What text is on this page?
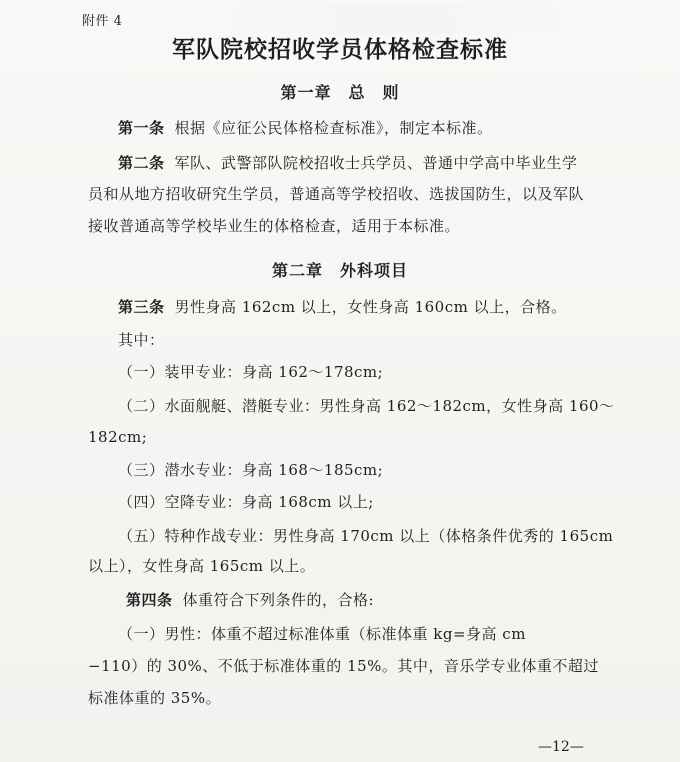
附件 4
军队院校招收学员体格检查标准
第一章　总　则
第一条 根据《应征公民体格检查标准》，制定本标准。
第二条 军队、武警部队院校招收士兵学员、普通中学高中毕业生学
员和从地方招收研究生学员，普通高等学校招收、选拔国防生，以及军队
接收普通高等学校毕业生的体格检查，适用于本标准。
第二章　外科项目
第三条 男性身高 162cm 以上，女性身高 160cm 以上，合格。
其中：
（一）装甲专业：身高 162～178cm;
（二）水面舰艇、潜艇专业：男性身高 162～182cm，女性身高 160～
182cm;
（三）潜水专业：身高 168～185cm;
（四）空降专业：身高 168cm 以上;
（五）特种作战专业：男性身高 170cm 以上（体格条件优秀的 165cm
以上），女性身高 165cm 以上。
第四条 体重符合下列条件的，合格:
（一）男性：体重不超过标准体重（标准体重 kg=身高 cm
−110）的 30%、不低于标准体重的 15%。其中，音乐学专业体重不超过
标准体重的 35%。
—12—
